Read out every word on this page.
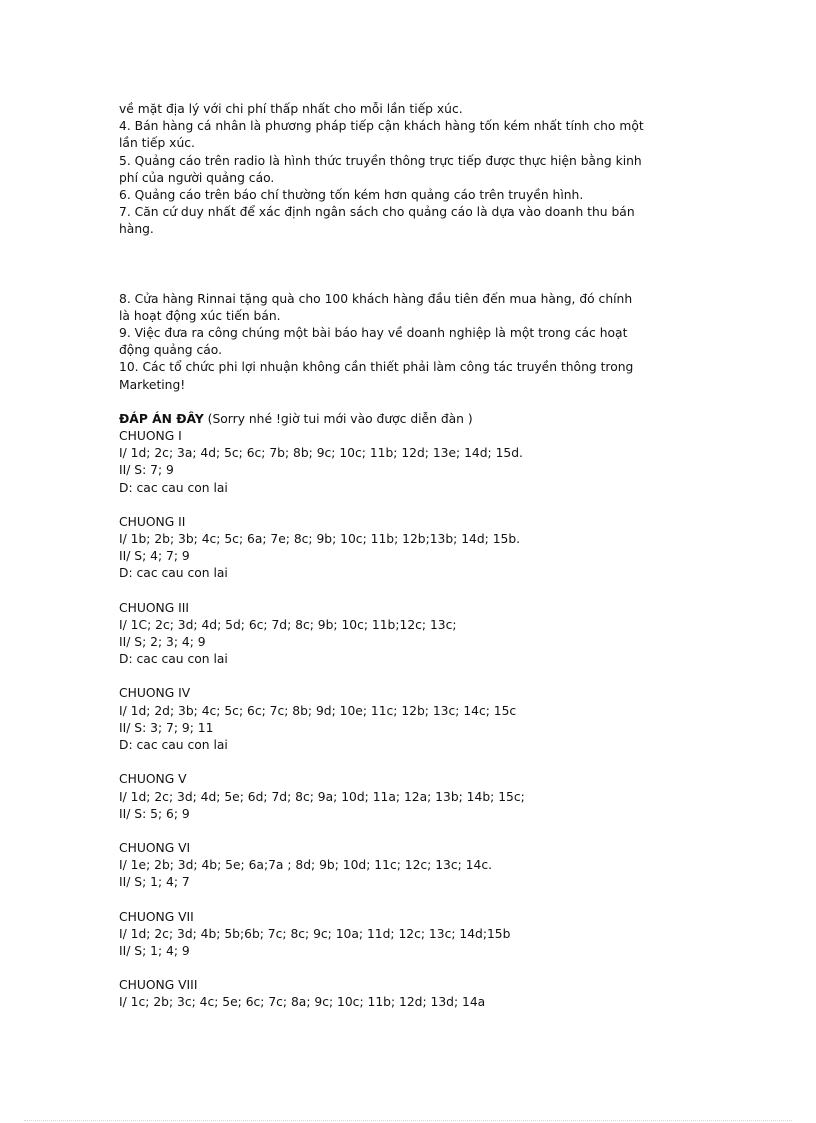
về mặt địa lý với chi phí thấp nhất cho mỗi lần tiếp xúc.
4. Bán hàng cá nhân là phương pháp tiếp cận khách hàng tốn kém nhất tính cho một
lần tiếp xúc.
5. Quảng cáo trên radio là hình thức truyền thông trực tiếp được thực hiện bằng kinh
phí của người quảng cáo.
6. Quảng cáo trên báo chí thường tốn kém hơn quảng cáo trên truyền hình.
7. Căn cứ duy nhất để xác định ngân sách cho quảng cáo là dựa vào doanh thu bán
hàng.
8. Cửa hàng Rinnai tặng quà cho 100 khách hàng đầu tiên đến mua hàng, đó chính
là hoạt động xúc tiến bán.
9. Việc đưa ra công chúng một bài báo hay về doanh nghiệp là một trong các hoạt
động quảng cáo.
10. Các tổ chức phi lợi nhuận không cần thiết phải làm công tác truyền thông trong
Marketing!
ĐÁP ÁN ĐÂY (Sorry nhé !giờ tui mới vào được diễn đàn )
CHUONG I
I/ 1d; 2c; 3a; 4d; 5c; 6c; 7b; 8b; 9c; 10c; 11b; 12d; 13e; 14d; 15d.
II/ S: 7; 9
D: cac cau con lai
CHUONG II
I/ 1b; 2b; 3b; 4c; 5c; 6a; 7e; 8c; 9b; 10c; 11b; 12b;13b; 14d; 15b.
II/ S; 4; 7; 9
D: cac cau con lai
CHUONG III
I/ 1C; 2c; 3d; 4d; 5d; 6c; 7d; 8c; 9b; 10c; 11b;12c; 13c;
II/ S; 2; 3; 4; 9
D: cac cau con lai
CHUONG IV
I/ 1d; 2d; 3b; 4c; 5c; 6c; 7c; 8b; 9d; 10e; 11c; 12b; 13c; 14c; 15c
II/ S: 3; 7; 9; 11
D: cac cau con lai
CHUONG V
I/ 1d; 2c; 3d; 4d; 5e; 6d; 7d; 8c; 9a; 10d; 11a; 12a; 13b; 14b; 15c;
II/ S: 5; 6; 9
CHUONG VI
I/ 1e; 2b; 3d; 4b; 5e; 6a;7a ; 8d; 9b; 10d; 11c; 12c; 13c; 14c.
II/ S; 1; 4; 7
CHUONG VII
I/ 1d; 2c; 3d; 4b; 5b;6b; 7c; 8c; 9c; 10a; 11d; 12c; 13c; 14d;15b
II/ S; 1; 4; 9
CHUONG VIII
I/ 1c; 2b; 3c; 4c; 5e; 6c; 7c; 8a; 9c; 10c; 11b; 12d; 13d; 14a
